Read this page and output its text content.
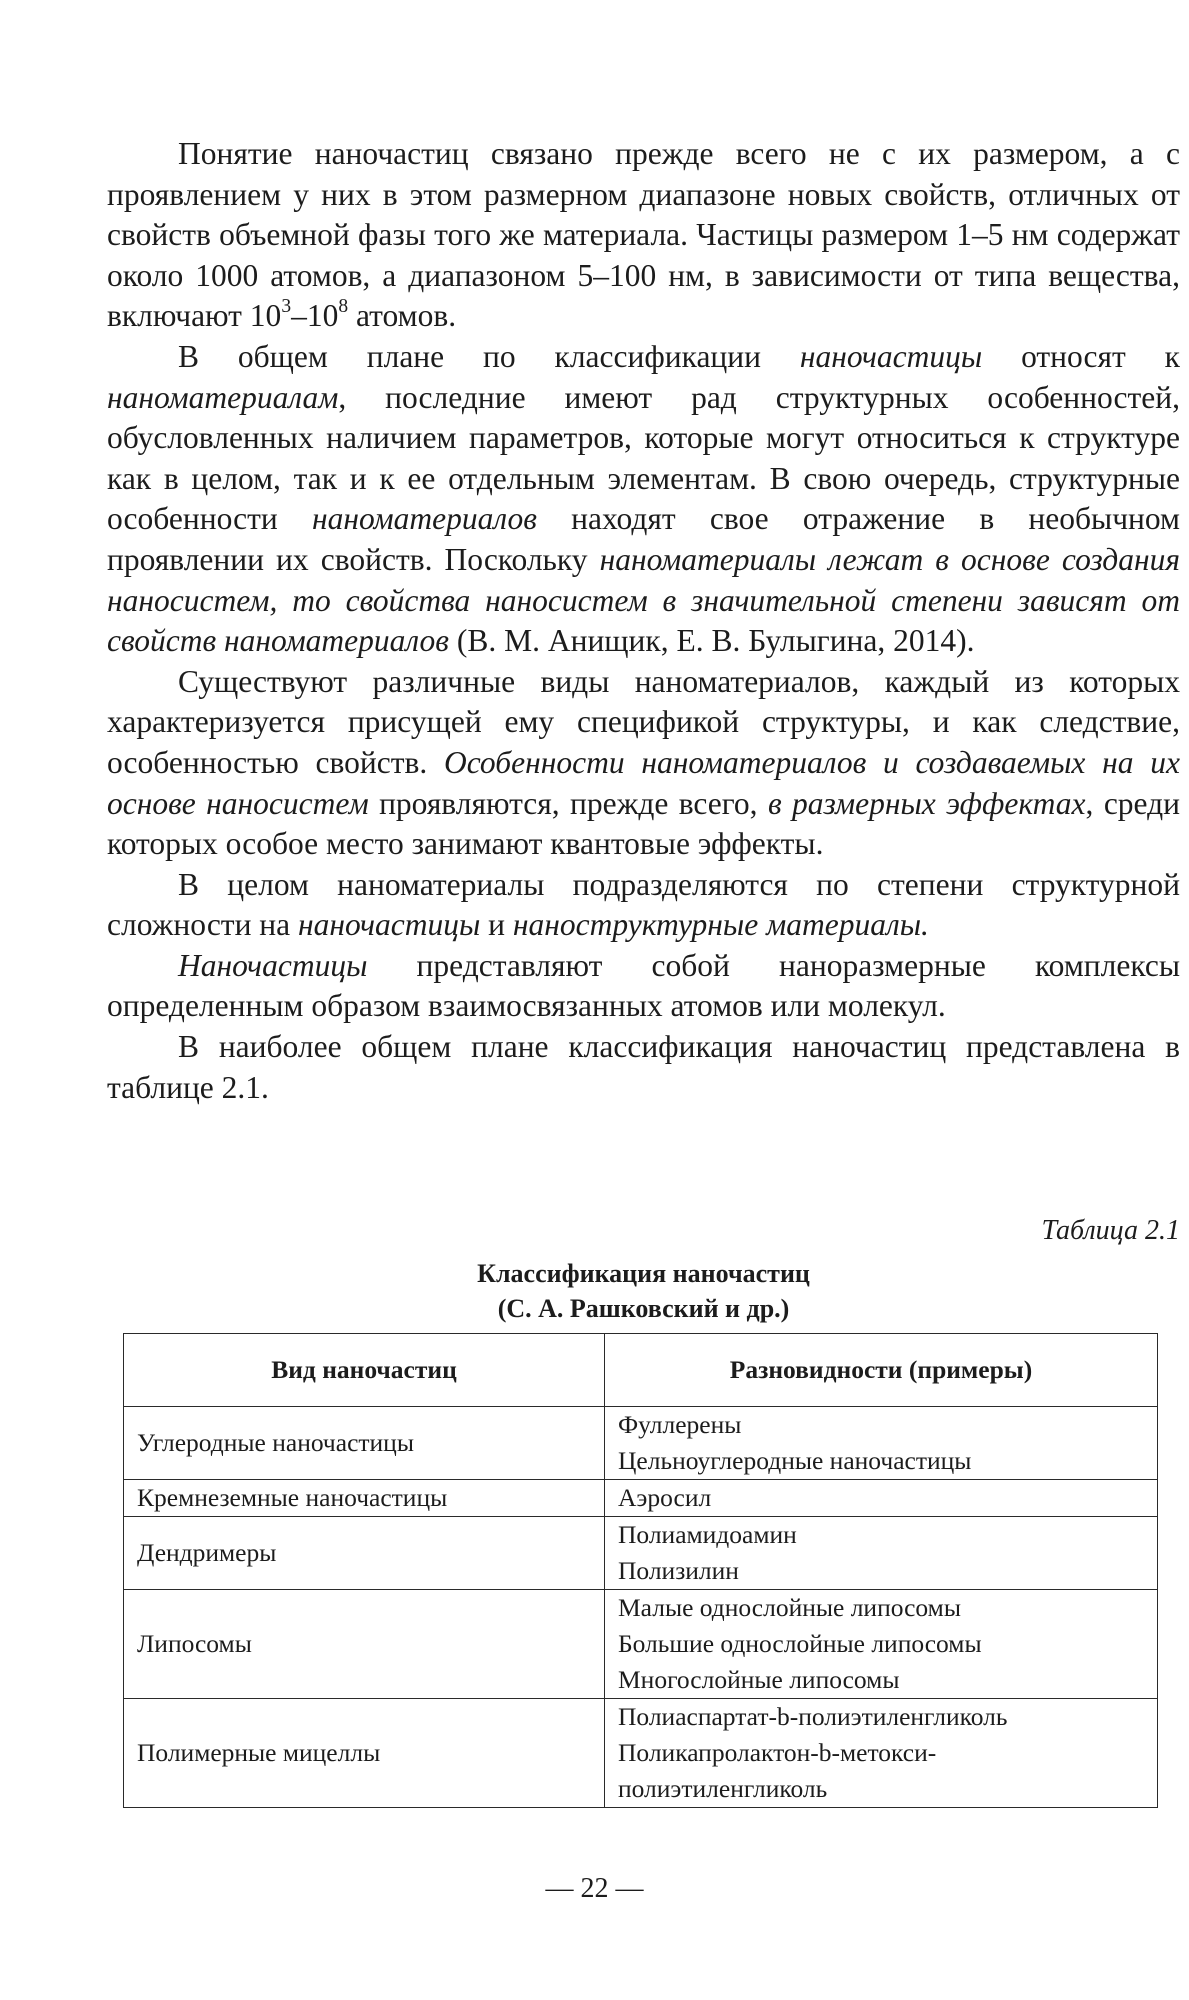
Понятие наночастиц связано прежде всего не с их размером, а с проявлением у них в этом размерном диапазоне новых свойств, отличных от свойств объемной фазы того же материала. Частицы размером 1–5 нм содержат около 1000 атомов, а диапазоном 5–100 нм, в зависимости от типа вещества, включают $10^3-10^8$ атомов.

В общем плане по классификации наночастицы относят к наноматериалам, последние имеют рад структурных особенностей, обусловленных наличием параметров, которые могут относиться к структуре как в целом, так и к ее отдельным элементам. В свою очередь, структурные особенности наноматериалов находят свое отражение в необычном проявлении их свойств. Поскольку наноматериалы лежат в основе создания наносистем, то свойства наносистем в значительной степени зависят от свойств наноматериалов (В. М. Анищик, Е. В. Булыгина, 2014).

Существуют различные виды наноматериалов, каждый из которых характеризуется присущей ему спецификой структуры, и как следствие, особенностью свойств. Особенности наноматериалов и создаваемых на их основе наносистем проявляются, прежде всего, в размерных эффектах, среди которых особое место занимают квантовые эффекты.

В целом наноматериалы подразделяются по степени структурной сложности на наночастицы и наноструктурные материалы.

Наночастицы представляют собой наноразмерные комплексы определенным образом взаимосвязанных атомов или молекул.

В наиболее общем плане классификация наночастиц представлена в таблице 2.1.

Таблица 2.1
Классификация наночастиц
(С. А. Рашковский и др.)
Вид наночастиц	Разновидности (примеры)
Углеродные наночастицы	Фуллерены
Цельноуглеродные наночастицы

Кремнеземные наночастицы	Аэросил

Дендримеры	Полиамидоамин
Полизилин

Липосомы	Малые однослойные липосомы
Большие однослойные липосомы
Многослойные липосомы

Полимерные мицеллы	Полиаспартат-b-полиэтиленгликоль
Поликапролактон-b-метокси-
полиэтиленгликоль
— 22 —
